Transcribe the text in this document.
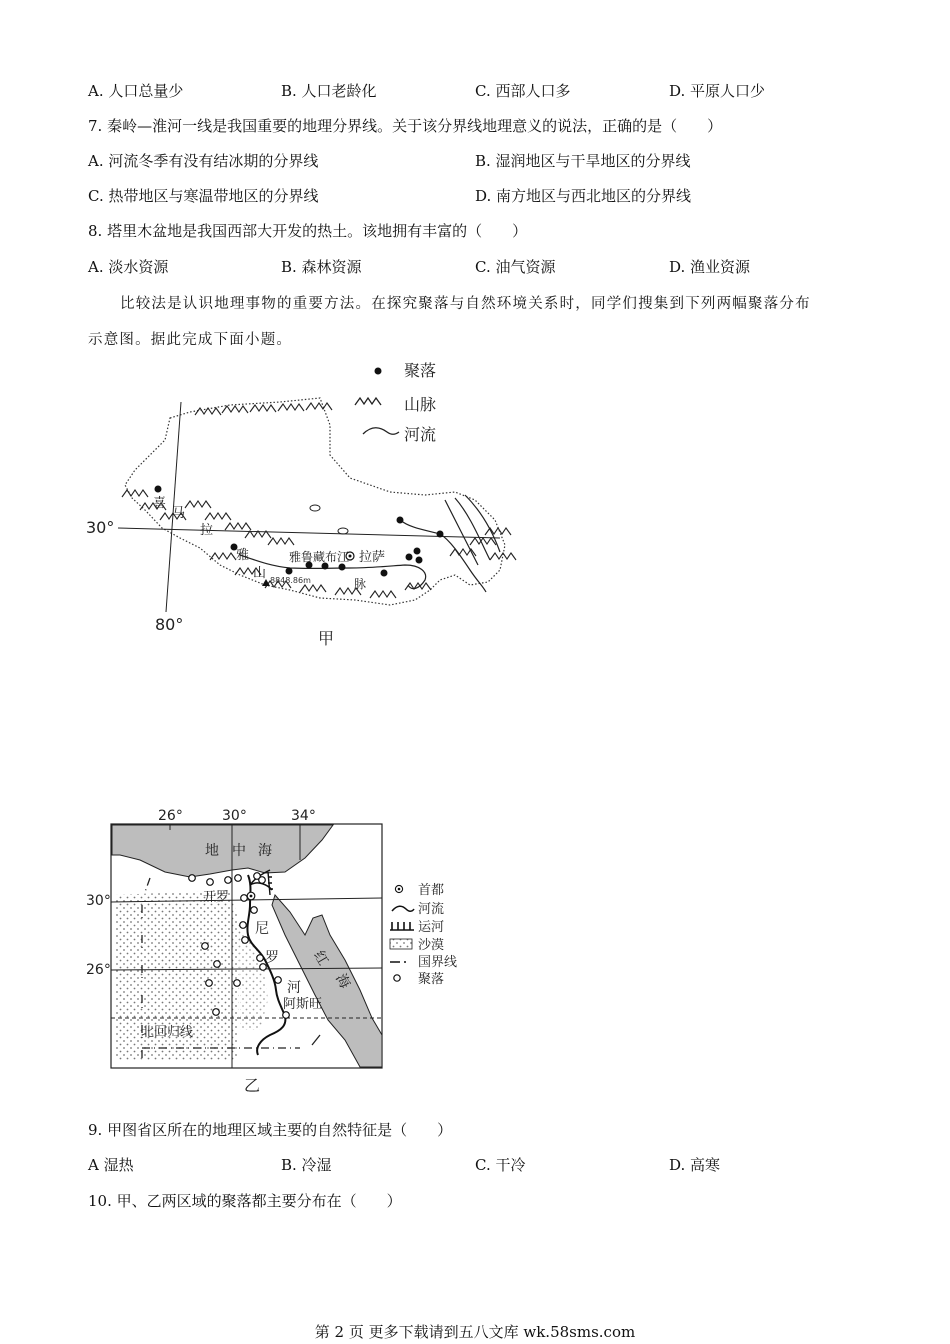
A. 人口总量少	B. 人口老龄化	C. 西部人口多	D. 平原人口少
7. 秦岭—淮河一线是我国重要的地理分界线。关于该分界线地理意义的说法，正确的是（　　）
A. 河流冬季有没有结冰期的分界线	B. 湿润地区与干旱地区的分界线
C. 热带地区与寒温带地区的分界线	D. 南方地区与西北地区的分界线
8. 塔里木盆地是我国西部大开发的热土。该地拥有丰富的（　　）
A. 淡水资源	B. 森林资源	C. 油气资源	D. 渔业资源
比较法是认识地理事物的重要方法。在探究聚落与自然环境关系时，同学们搜集到下列两幅聚落分布
示意图。据此完成下面小题。
聚落
山脉
河流
30°
80°
喜
马
拉
雅
山
脉
雅鲁藏布江 拉萨
8848.86m
甲
26°	30°	34°
30°
26°
地 中 海
红
海
开罗
尼
罗
河
阿斯旺
北回归线
乙
首都
河流
运河
沙漠
国界线
聚落
9. 甲图省区所在的地理区域主要的自然特征是（　　）
A 湿热	B. 冷湿	C. 干冷	D. 高寒
10. 甲、乙两区域的聚落都主要分布在（　　）
第 2 页 更多下载请到五八文库 wk.58sms.com
